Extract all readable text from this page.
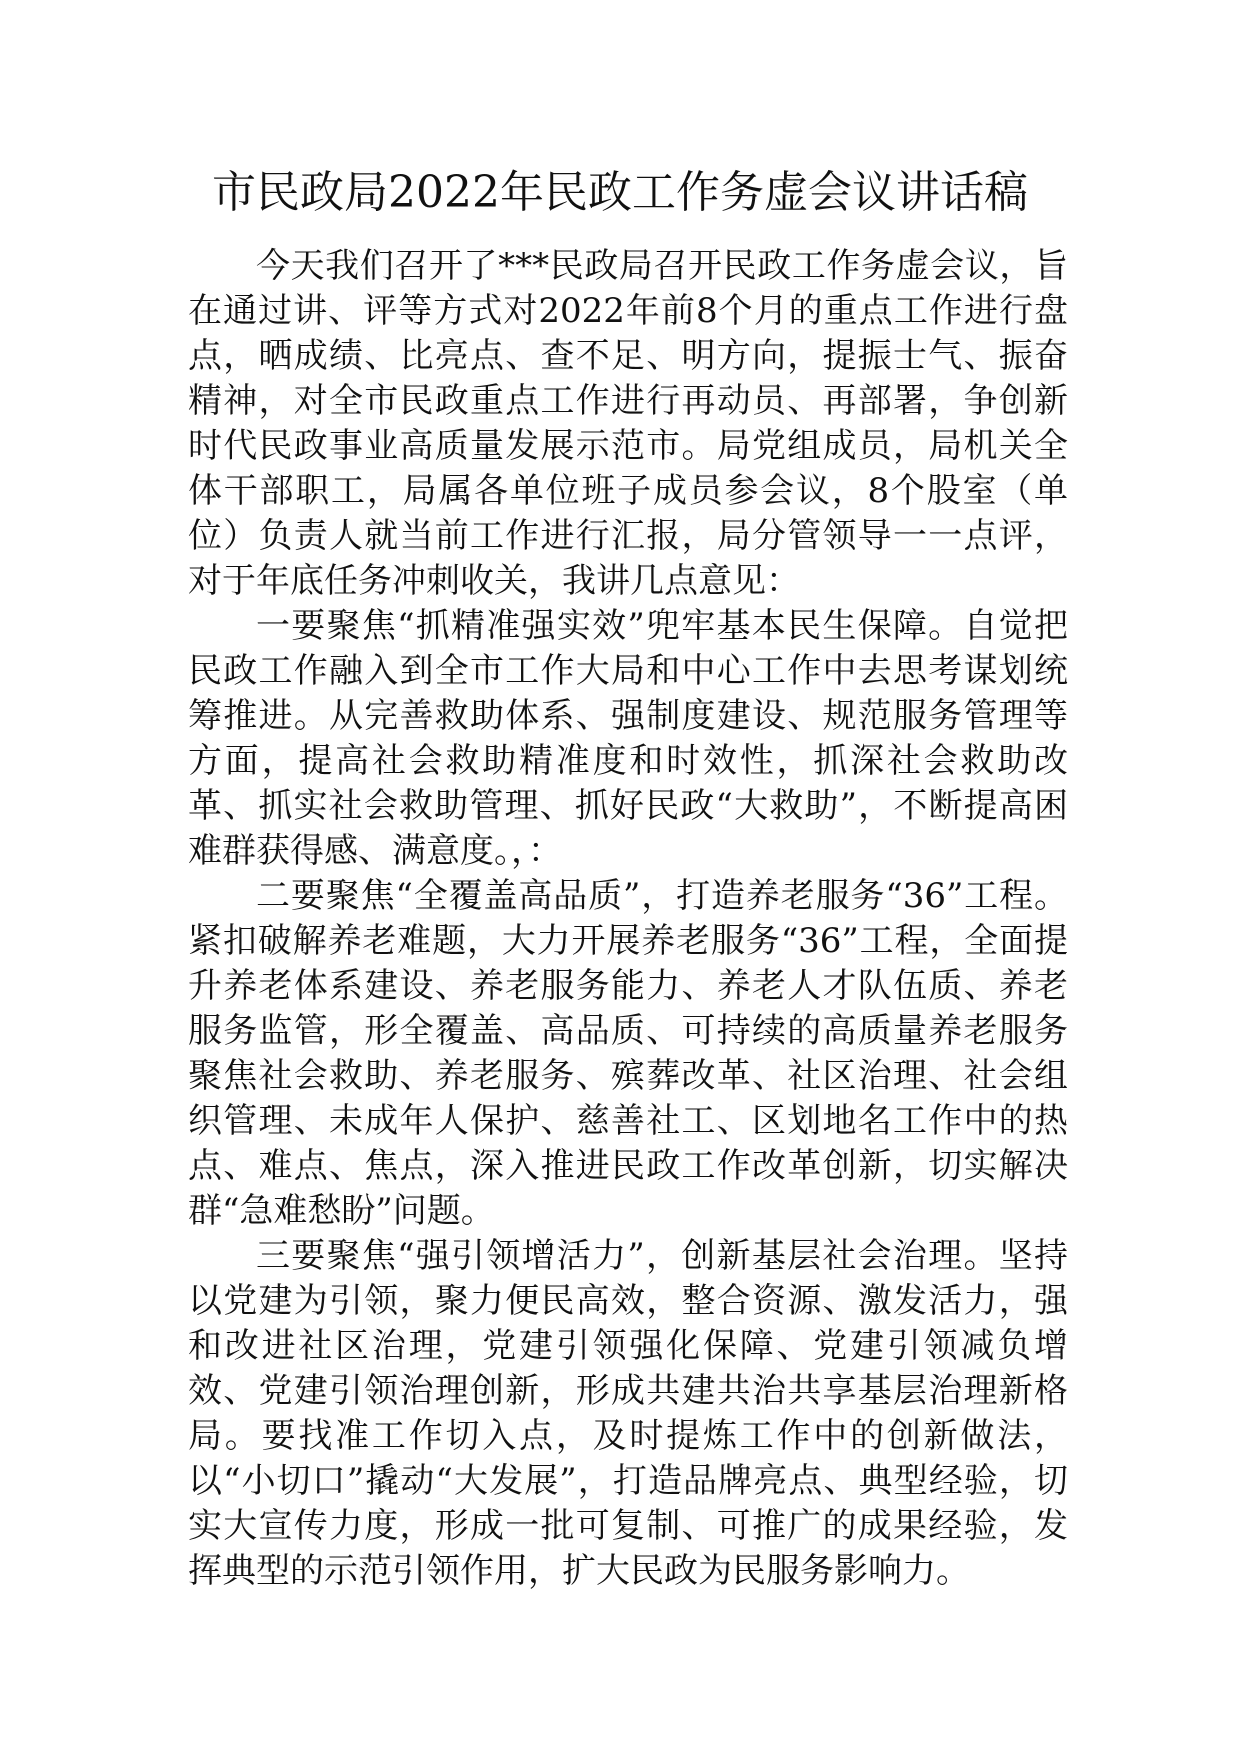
市民政局2022年民政工作务虚会议讲话稿

今天我们召开了***民政局召开民政工作务虚会议，旨在通过讲、评等方式对2022年前8个月的重点工作进行盘点，晒成绩、比亮点、查不足、明方向，提振士气、振奋精神，对全市民政重点工作进行再动员、再部署，争创新时代民政事业高质量发展示范市。局党组成员，局机关全体干部职工，局属各单位班子成员参会议，8个股室（单位）负责人就当前工作进行汇报，局分管领导一一点评，对于年底任务冲刺收关，我讲几点意见：

一要聚焦“抓精准强实效”兜牢基本民生保障。自觉把民政工作融入到全市工作大局和中心工作中去思考谋划统筹推进。从完善救助体系、强制度建设、规范服务管理等方面，提高社会救助精准度和时效性，抓深社会救助改革、抓实社会救助管理、抓好民政“大救助”，不断提高困难群获得感、满意度。，：

二要聚焦“全覆盖高品质”，打造养老服务“36”工程。紧扣破解养老难题，大力开展养老服务“36”工程，全面提升养老体系建设、养老服务能力、养老人才队伍质、养老服务监管，形全覆盖、高品质、可持续的高质量养老服务聚焦社会救助、养老服务、殡葬改革、社区治理、社会组织管理、未成年人保护、慈善社工、区划地名工作中的热点、难点、焦点，深入推进民政工作改革创新，切实解决群“急难愁盼”问题。

三要聚焦“强引领增活力”，创新基层社会治理。坚持以党建为引领，聚力便民高效，整合资源、激发活力，强和改进社区治理，党建引领强化保障、党建引领减负增效、党建引领治理创新，形成共建共治共享基层治理新格局。要找准工作切入点，及时提炼工作中的创新做法，以“小切口”撬动“大发展”，打造品牌亮点、典型经验，切实大宣传力度，形成一批可复制、可推广的成果经验，发挥典型的示范引领作用，扩大民政为民服务影响力。
